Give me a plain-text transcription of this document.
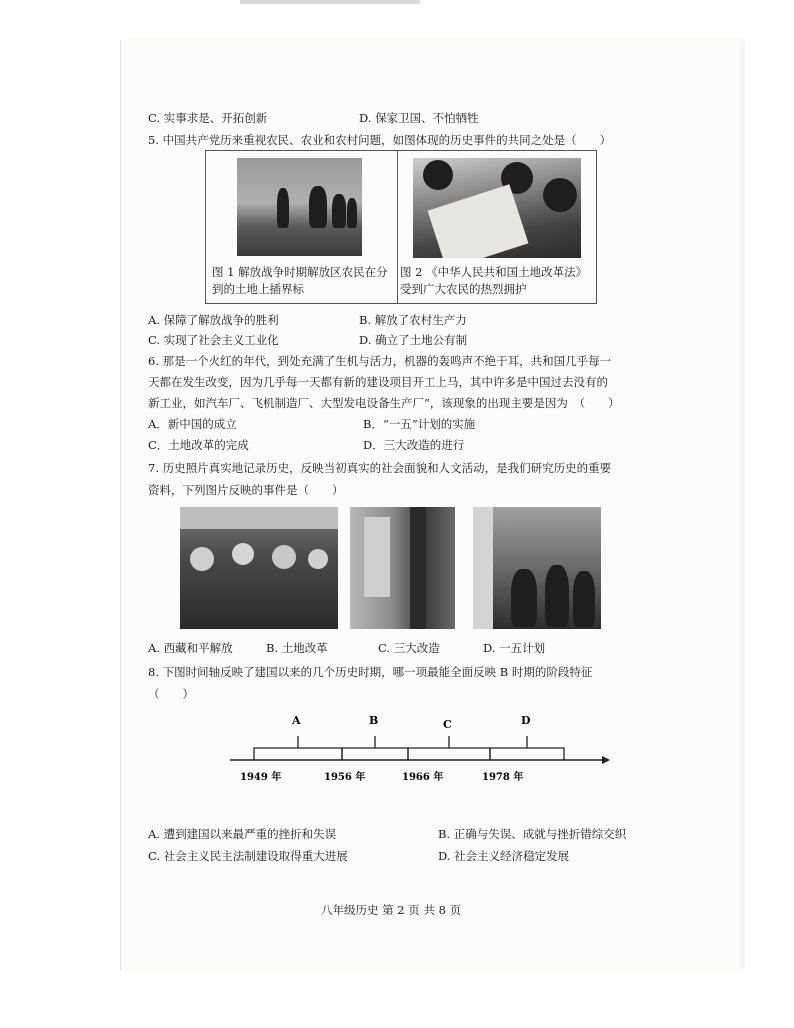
C. 实事求是、开拓创新	D. 保家卫国、不怕牺牲
5. 中国共产党历来重视农民、农业和农村问题，如图体现的历史事件的共同之处是（　　）
图 1 解放战争时期解放区农民在分到的土地上插界标
图 2 《中华人民共和国土地改革法》受到广大农民的热烈拥护
A. 保障了解放战争的胜利	B. 解放了农村生产力
C. 实现了社会主义工业化	D. 确立了土地公有制
6. 那是一个火红的年代，到处充满了生机与活力，机器的轰鸣声不绝于耳，共和国几乎每一
天都在发生改变，因为几乎每一天都有新的建设项目开工上马，其中许多是中国过去没有的
新工业，如汽车厂、飞机制造厂、大型发电设备生产厂”，该现象的出现主要是因为　（　　）
A．新中国的成立	B．“一五”计划的实施
C．土地改革的完成	D．三大改造的进行
7. 历史照片真实地记录历史，反映当初真实的社会面貌和人文活动，是我们研究历史的重要
资料，下列图片反映的事件是（　　）
A. 西藏和平解放	B. 土地改革	C. 三大改造	D. 一五计划
8. 下图时间轴反映了建国以来的几个历史时期，哪一项最能全面反映 B 时期的阶段特征
（　　）
A	B	C	D
1949 年	1956 年	1966 年	1978 年
A. 遭到建国以来最严重的挫折和失误	B. 正确与失误、成就与挫折错综交织
C. 社会主义民主法制建设取得重大进展	D. 社会主义经济稳定发展
八年级历史 第 2 页 共 8 页
